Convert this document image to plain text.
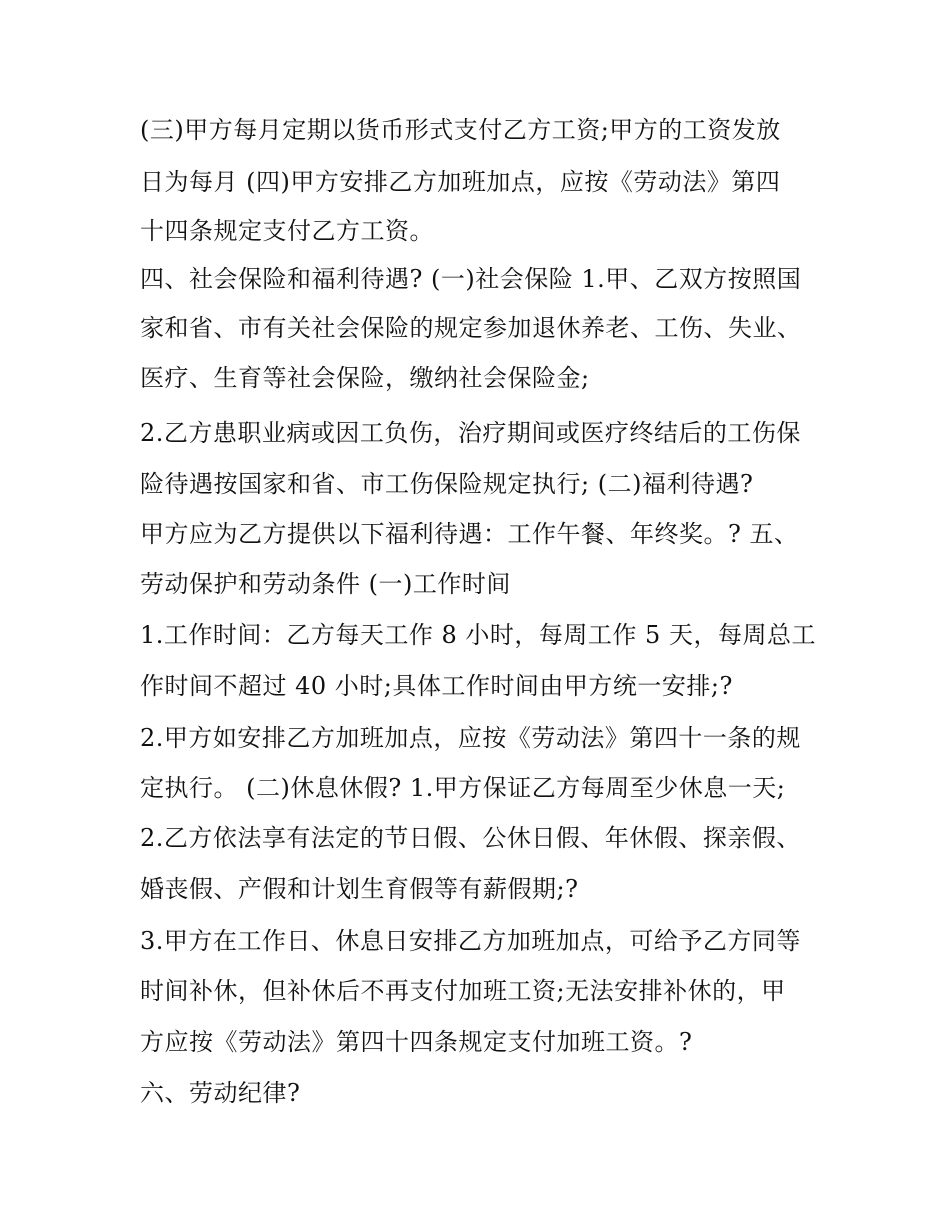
(三)甲方每月定期以货币形式支付乙方工资;甲方的工资发放
日为每月 (四)甲方安排乙方加班加点，应按《劳动法》第四
十四条规定支付乙方工资。
四、社会保险和福利待遇? (一)社会保险 1.甲、乙双方按照国
家和省、市有关社会保险的规定参加退休养老、工伤、失业、
医疗、生育等社会保险，缴纳社会保险金;
2.乙方患职业病或因工负伤，治疗期间或医疗终结后的工伤保
险待遇按国家和省、市工伤保险规定执行; (二)福利待遇?
甲方应为乙方提供以下福利待遇：工作午餐、年终奖。? 五、
劳动保护和劳动条件 (一)工作时间
1.工作时间：乙方每天工作 8 小时，每周工作 5 天，每周总工
作时间不超过 40 小时;具体工作时间由甲方统一安排;?
2.甲方如安排乙方加班加点，应按《劳动法》第四十一条的规
定执行。 (二)休息休假? 1.甲方保证乙方每周至少休息一天;
2.乙方依法享有法定的节日假、公休日假、年休假、探亲假、
婚丧假、产假和计划生育假等有薪假期;?
3.甲方在工作日、休息日安排乙方加班加点，可给予乙方同等
时间补休，但补休后不再支付加班工资;无法安排补休的，甲
方应按《劳动法》第四十四条规定支付加班工资。?
六、劳动纪律?
